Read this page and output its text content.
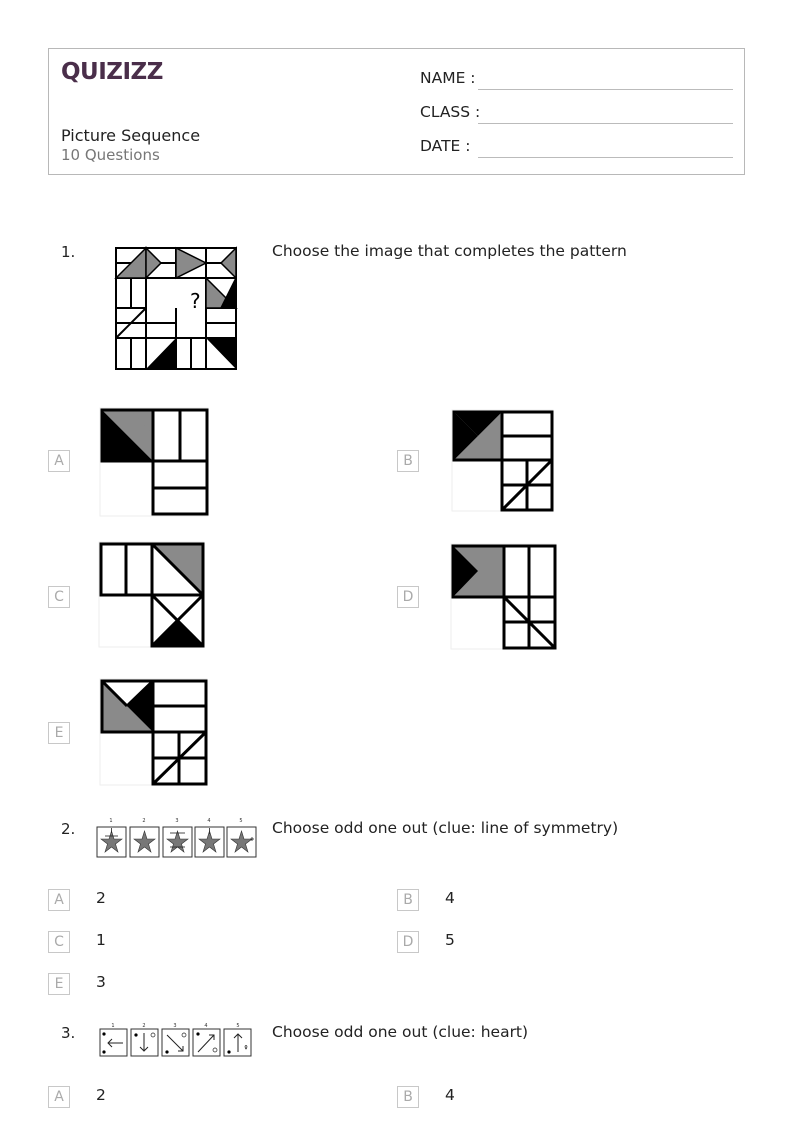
QUIZIZZ
Picture Sequence
10 Questions
NAME :
CLASS :
DATE :
1.	Choose the image that completes the pattern
?
A	B
C	D
E
2.	Choose odd one out (clue: line of symmetry)
1	2	3	4	5
A	2	B	4
C	1	D	5
E	3
3.	Choose odd one out (clue: heart)
1	2	3	4	5
A	2	B	4
